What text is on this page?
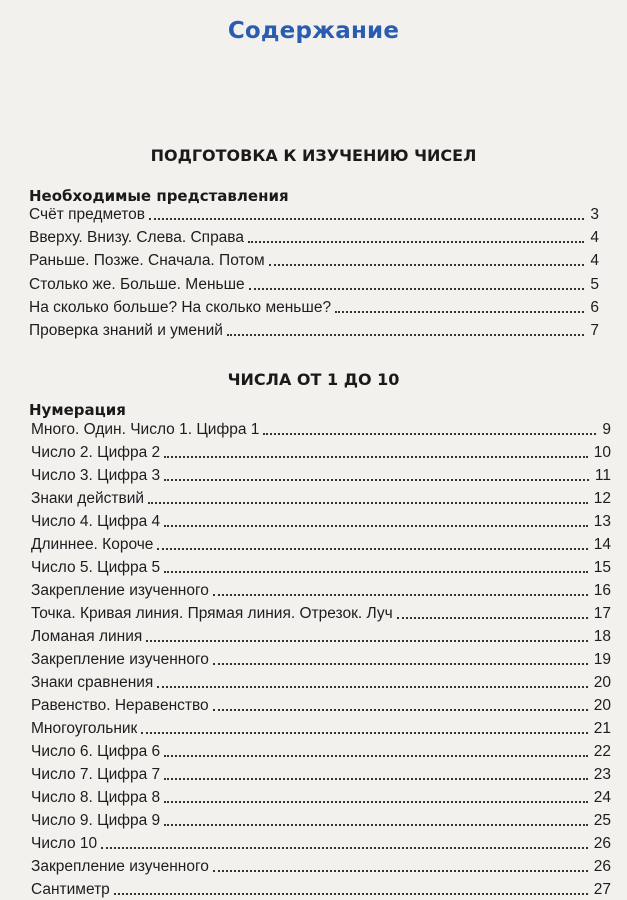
Содержание
ПОДГОТОВКА К ИЗУЧЕНИЮ ЧИСЕЛ
Необходимые представления
Счёт предметов	3
Вверху. Внизу. Слева. Справа	4
Раньше. Позже. Сначала. Потом	4
Столько же. Больше. Меньше	5
На сколько больше? На сколько меньше?	6
Проверка знаний и умений	7
ЧИСЛА ОТ 1 ДО 10
Нумерация
Много. Один. Число 1. Цифра 1	9
Число 2. Цифра 2	10
Число 3. Цифра 3	11
Знаки действий	12
Число 4. Цифра 4	13
Длиннее. Короче	14
Число 5. Цифра 5	15
Закрепление изученного	16
Точка. Кривая линия. Прямая линия. Отрезок. Луч	17
Ломаная линия	18
Закрепление изученного	19
Знаки сравнения	20
Равенство. Неравенство	20
Многоугольник	21
Число 6. Цифра 6	22
Число 7. Цифра 7	23
Число 8. Цифра 8	24
Число 9. Цифра 9	25
Число 10	26
Закрепление изученного	26
Сантиметр	27
